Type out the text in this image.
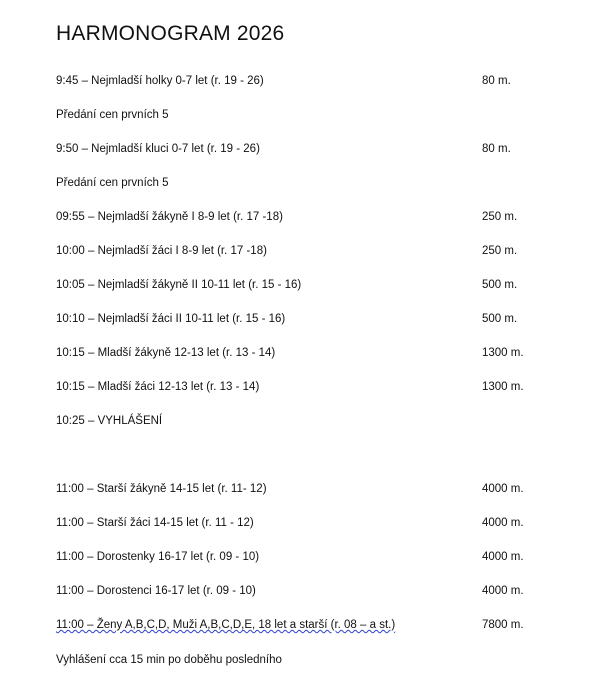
HARMONOGRAM 2026
9:45 – Nejmladší holky 0-7 let (r. 19 - 26)	80 m.
Předání cen prvních 5	
9:50 – Nejmladší kluci 0-7 let (r. 19 - 26)	80 m.
Předání cen prvních 5	
09:55 – Nejmladší žákyně I 8-9 let (r. 17 -18)	250 m.
10:00 – Nejmladší žáci I 8-9 let (r. 17 -18)	250 m.
10:05 – Nejmladší žákyně II 10-11 let (r. 15 - 16)	500 m.
10:10 – Nejmladší žáci II 10-11 let (r. 15 - 16)	500 m.
10:15 – Mladší žákyně 12-13 let (r. 13 - 14)	1300 m.
10:15 – Mladší žáci 12-13 let (r. 13 - 14)	1300 m.
10:25 – VYHLÁŠENÍ	

11:00 – Starší žákyně 14-15 let (r. 11- 12)	4000 m.
11:00 – Starší žáci 14-15 let (r. 11 - 12)	4000 m.
11:00 – Dorostenky 16-17 let (r. 09 - 10)	4000 m.
11:00 – Dorostenci 16-17 let (r. 09 - 10)	4000 m.
11:00 – Ženy A,B,C,D, Muži A,B,C,D,E, 18 let a starší (r. 08 – a st.)	7800 m.
Vyhlášení cca 15 min po doběhu posledního
